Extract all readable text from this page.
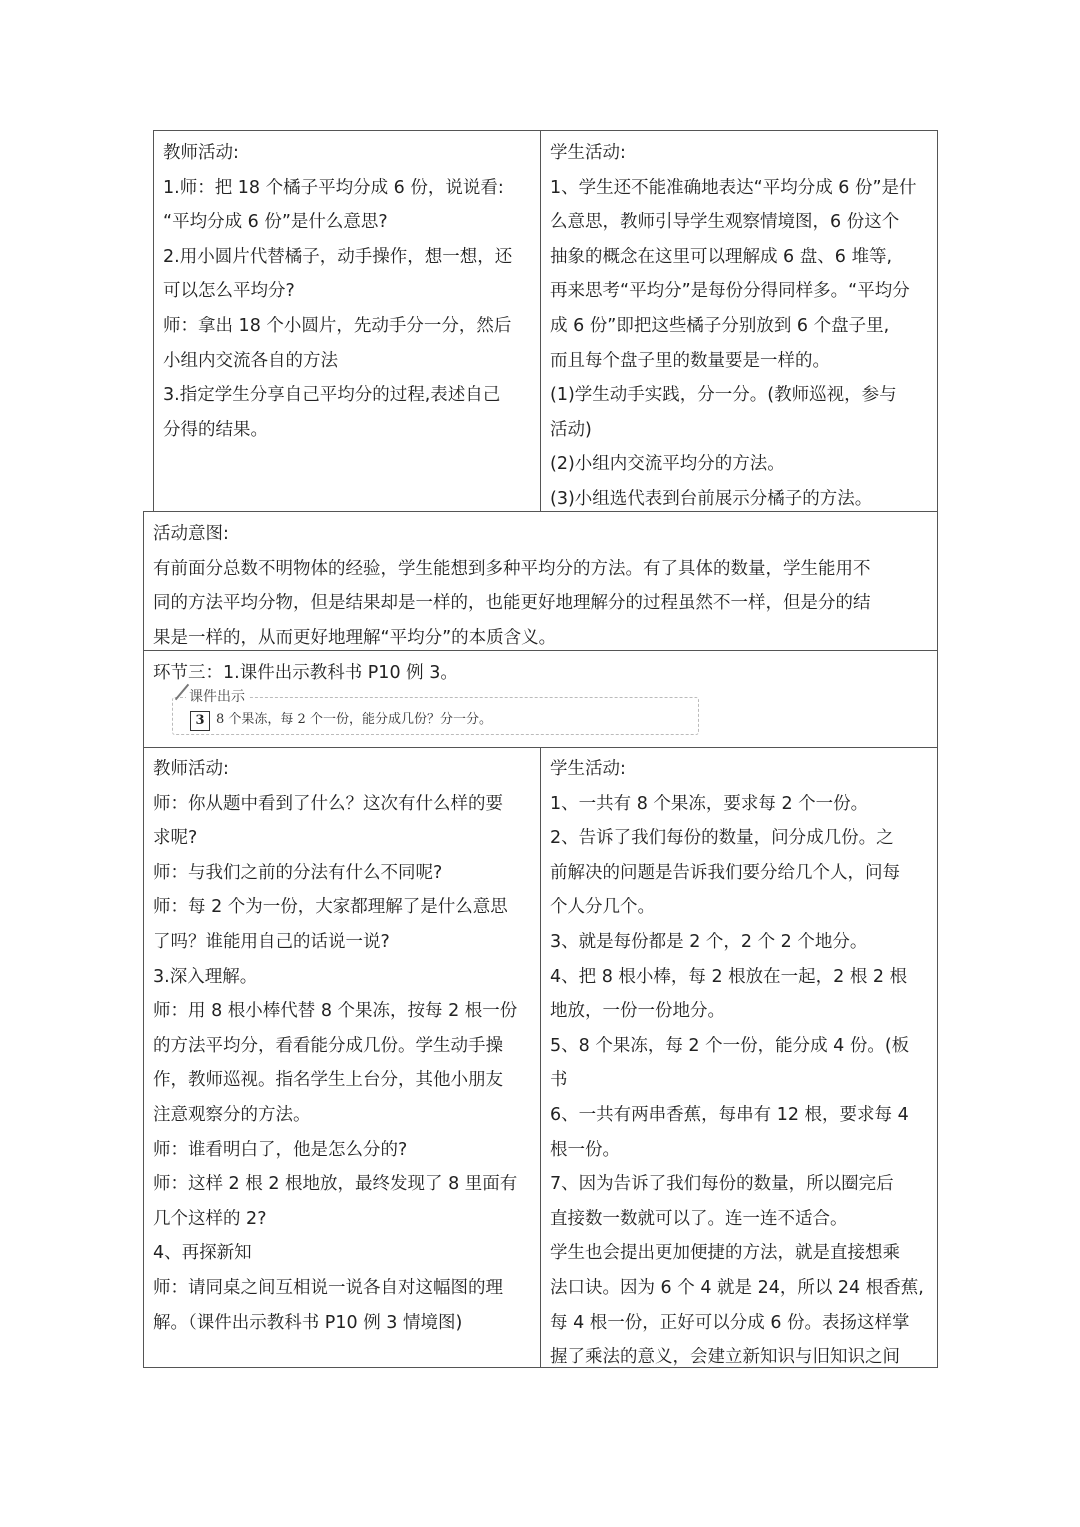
教师活动:

1.师：把 18 个橘子平均分成 6 份，说说看:

“平均分成 6 份”是什么意思?

2.用小圆片代替橘子，动手操作，想一想，还

可以怎么平均分?

师：拿出 18 个小圆片，先动手分一分，然后

小组内交流各自的方法

3.指定学生分享自己平均分的过程,表述自己

分得的结果。

学生活动:

1、学生还不能准确地表达“平均分成 6 份”是什

么意思，教师引导学生观察情境图，6 份这个

抽象的概念在这里可以理解成 6 盘、6 堆等,

再来思考“平均分”是每份分得同样多。“平均分

成 6 份”即把这些橘子分别放到 6 个盘子里,

而且每个盘子里的数量要是一样的。

(1)学生动手实践，分一分。(教师巡视，参与

活动)

(2)小组内交流平均分的方法。

(3)小组选代表到台前展示分橘子的方法。

活动意图:

有前面分总数不明物体的经验，学生能想到多种平均分的方法。有了具体的数量，学生能用不

同的方法平均分物，但是结果却是一样的，也能更好地理解分的过程虽然不一样，但是分的结

果是一样的，从而更好地理解“平均分”的本质含义。

环节三：1.课件出示教科书 P10 例 3。
课件出示
3 8 个果冻，每 2 个一份，能分成几份？分一分。

教师活动:

师：你从题中看到了什么？这次有什么样的要

求呢?

师：与我们之前的分法有什么不同呢?

师：每 2 个为一份，大家都理解了是什么意思

了吗？谁能用自己的话说一说?

3.深入理解。

师：用 8 根小棒代替 8 个果冻，按每 2 根一份

的方法平均分，看看能分成几份。学生动手操

作，教师巡视。指名学生上台分，其他小朋友

注意观察分的方法。

师：谁看明白了，他是怎么分的?

师：这样 2 根 2 根地放，最终发现了 8 里面有

几个这样的 2?

4、再探新知

师：请同桌之间互相说一说各自对这幅图的理

解。（课件出示教科书 P10 例 3 情境图)

学生活动:

1、一共有 8 个果冻，要求每 2 个一份。

2、告诉了我们每份的数量，问分成几份。之

前解决的问题是告诉我们要分给几个人，问每

个人分几个。

3、就是每份都是 2 个，2 个 2 个地分。

4、把 8 根小棒，每 2 根放在一起，2 根 2 根

地放，一份一份地分。

5、8 个果冻，每 2 个一份，能分成 4 份。(板

书

6、一共有两串香蕉，每串有 12 根，要求每 4

根一份。

7、因为告诉了我们每份的数量，所以圈完后

直接数一数就可以了。连一连不适合。

学生也会提出更加便捷的方法，就是直接想乘

法口诀。因为 6 个 4 就是 24，所以 24 根香蕉,

每 4 根一份，正好可以分成 6 份。表扬这样掌

握了乘法的意义，会建立新知识与旧知识之间
